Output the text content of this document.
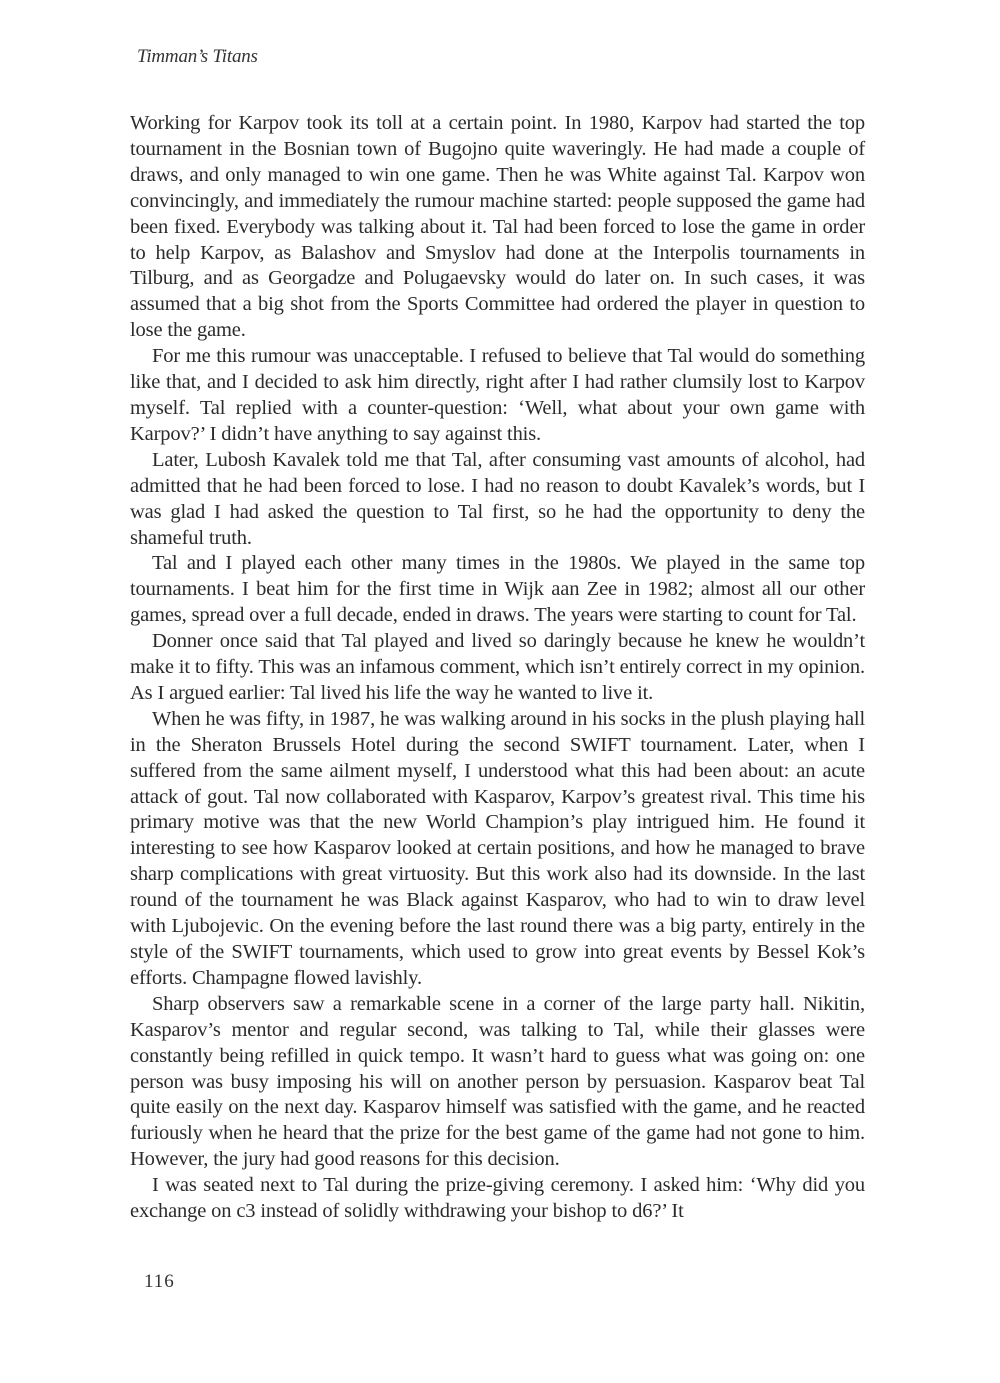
Timman’s Titans

Working for Karpov took its toll at a certain point. In 1980, Karpov had started the top tournament in the Bosnian town of Bugojno quite waveringly. He had made a couple of draws, and only managed to win one game. Then he was White against Tal. Karpov won convincingly, and immediately the rumour machine started: people supposed the game had been fixed. Everybody was talking about it. Tal had been forced to lose the game in order to help Karpov, as Balashov and Smyslov had done at the Interpolis tournaments in Tilburg, and as Georgadze and Polugaevsky would do later on. In such cases, it was assumed that a big shot from the Sports Committee had ordered the player in question to lose the game.

For me this rumour was unacceptable. I refused to believe that Tal would do something like that, and I decided to ask him directly, right after I had rather clumsily lost to Karpov myself. Tal replied with a counter-question: ‘Well, what about your own game with Karpov?’ I didn’t have anything to say against this.

Later, Lubosh Kavalek told me that Tal, after consuming vast amounts of alcohol, had admitted that he had been forced to lose. I had no reason to doubt Kavalek’s words, but I was glad I had asked the question to Tal first, so he had the opportunity to deny the shameful truth.

Tal and I played each other many times in the 1980s. We played in the same top tournaments. I beat him for the first time in Wijk aan Zee in 1982; almost all our other games, spread over a full decade, ended in draws. The years were starting to count for Tal.

Donner once said that Tal played and lived so daringly because he knew he wouldn’t make it to fifty. This was an infamous comment, which isn’t entirely correct in my opinion. As I argued earlier: Tal lived his life the way he wanted to live it.

When he was fifty, in 1987, he was walking around in his socks in the plush playing hall in the Sheraton Brussels Hotel during the second SWIFT tournament. Later, when I suffered from the same ailment myself, I understood what this had been about: an acute attack of gout. Tal now collaborated with Kasparov, Karpov’s greatest rival. This time his primary motive was that the new World Champion’s play intrigued him. He found it interesting to see how Kasparov looked at certain positions, and how he managed to brave sharp complications with great virtuosity. But this work also had its downside. In the last round of the tournament he was Black against Kasparov, who had to win to draw level with Ljubojevic. On the evening before the last round there was a big party, entirely in the style of the SWIFT tournaments, which used to grow into great events by Bessel Kok’s efforts. Champagne flowed lavishly.

Sharp observers saw a remarkable scene in a corner of the large party hall. Nikitin, Kasparov’s mentor and regular second, was talking to Tal, while their glasses were constantly being refilled in quick tempo. It wasn’t hard to guess what was going on: one person was busy imposing his will on another person by persuasion. Kasparov beat Tal quite easily on the next day. Kasparov himself was satisfied with the game, and he reacted furiously when he heard that the prize for the best game of the game had not gone to him. However, the jury had good reasons for this decision.

I was seated next to Tal during the prize-giving ceremony. I asked him: ‘Why did you exchange on c3 instead of solidly withdrawing your bishop to d6?’ It

116
